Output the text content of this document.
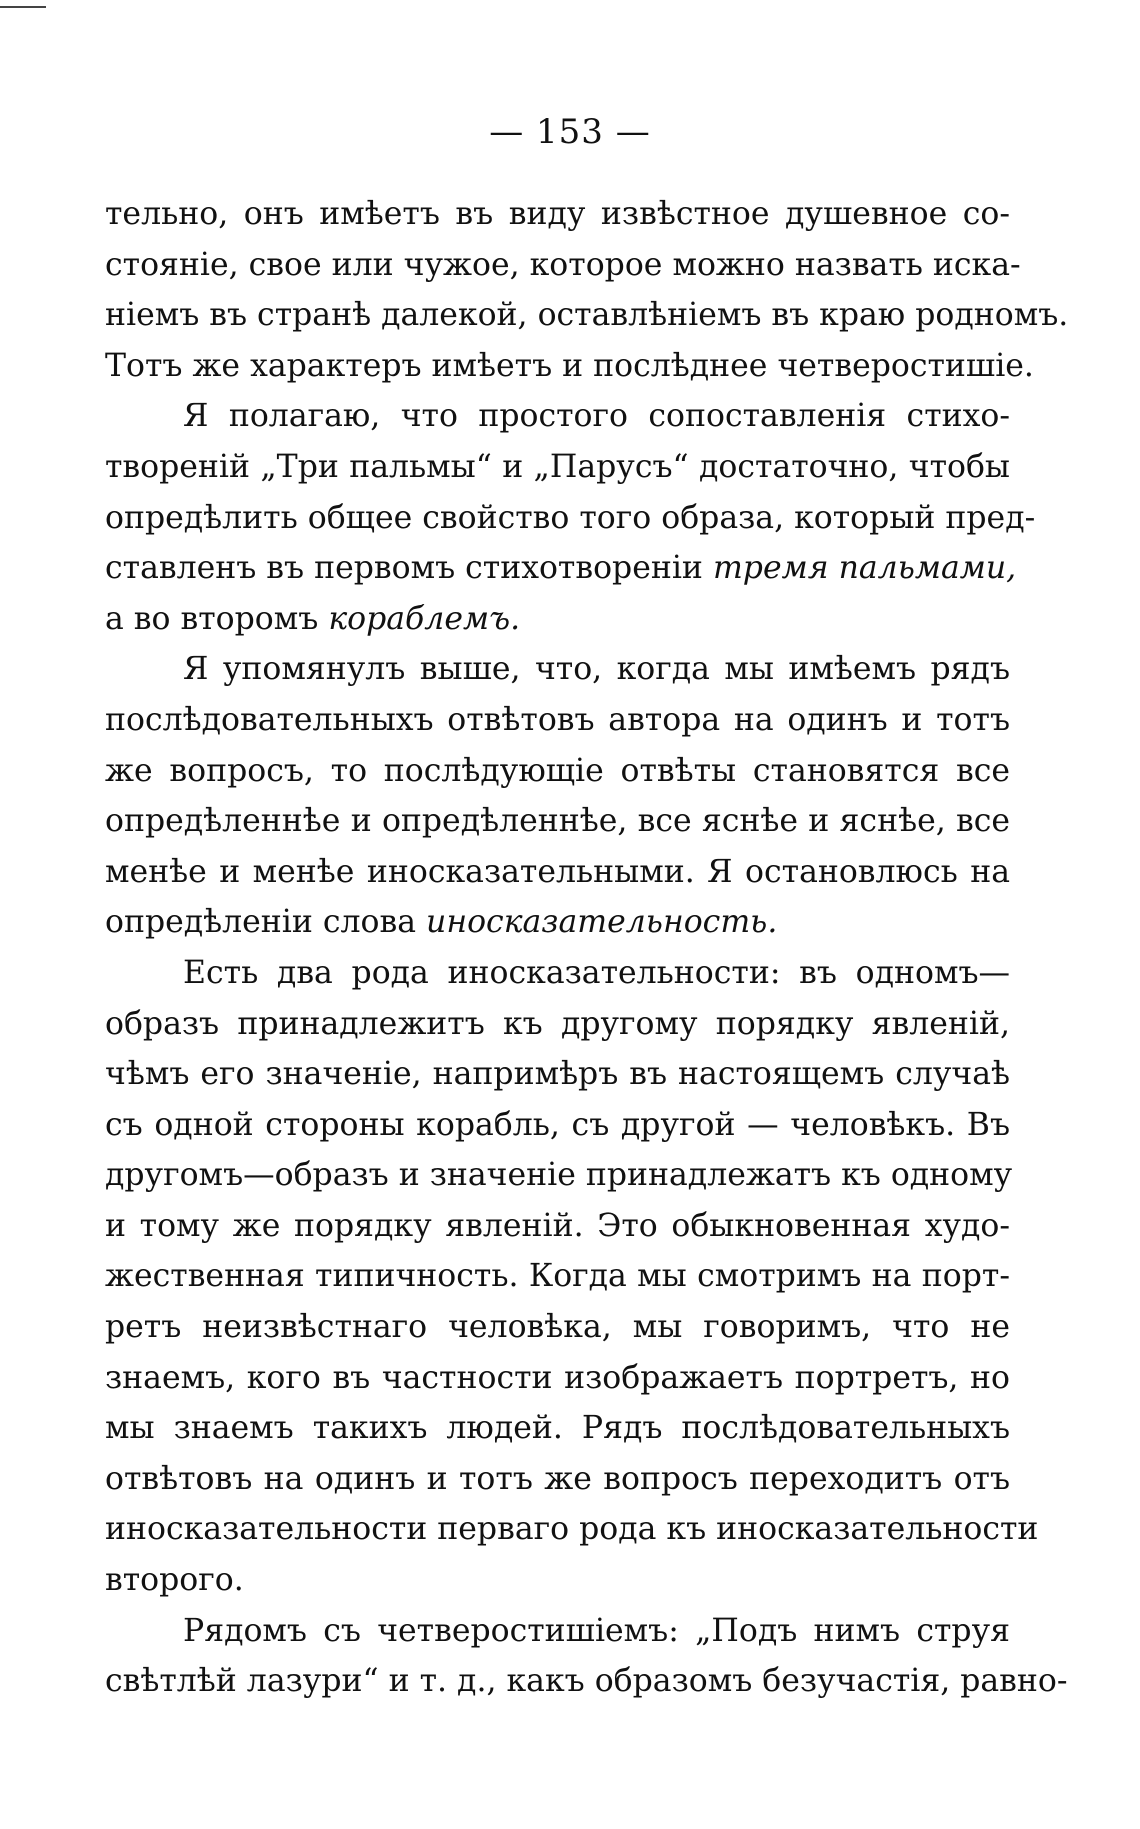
— 153 —
тельно, онъ имѣетъ въ виду извѣстное душевное со-
стояніе, свое или чужое, которое можно назвать иска-
ніемъ въ странѣ далекой, оставлѣніемъ въ краю родномъ.
Тотъ же характеръ имѣетъ и послѣднее четверостишіе.
Я полагаю, что простого сопоставленія стихо-
твореній „Три пальмы“ и „Парусъ“ достаточно, чтобы
опредѣлить общее свойство того образа, который пред-
ставленъ въ первомъ стихотвореніи тремя пальмами,
а во второмъ кораблемъ.
Я упомянулъ выше, что, когда мы имѣемъ рядъ
послѣдовательныхъ отвѣтовъ автора на одинъ и тотъ
же вопросъ, то послѣдующіе отвѣты становятся все
опредѣленнѣе и опредѣленнѣе, все яснѣе и яснѣе, все
менѣе и менѣе иносказательными. Я остановлюсь на
опредѣленіи слова иносказательность.
Есть два рода иносказательности: въ одномъ—
образъ принадлежитъ къ другому порядку явленій,
чѣмъ его значеніе, напримѣръ въ настоящемъ случаѣ
съ одной стороны корабль, съ другой — человѣкъ. Въ
другомъ—образъ и значеніе принадлежатъ къ одному
и тому же порядку явленій. Это обыкновенная худо-
жественная типичность. Когда мы смотримъ на порт-
ретъ неизвѣстнаго человѣка, мы говоримъ, что не
знаемъ, кого въ частности изображаетъ портретъ, но
мы знаемъ такихъ людей. Рядъ послѣдовательныхъ
отвѣтовъ на одинъ и тотъ же вопросъ переходитъ отъ
иносказательности перваго рода къ иносказательности
второго.
Рядомъ съ четверостишіемъ: „Подъ нимъ струя
свѣтлѣй лазури“ и т. д., какъ образомъ безучастія, равно-
